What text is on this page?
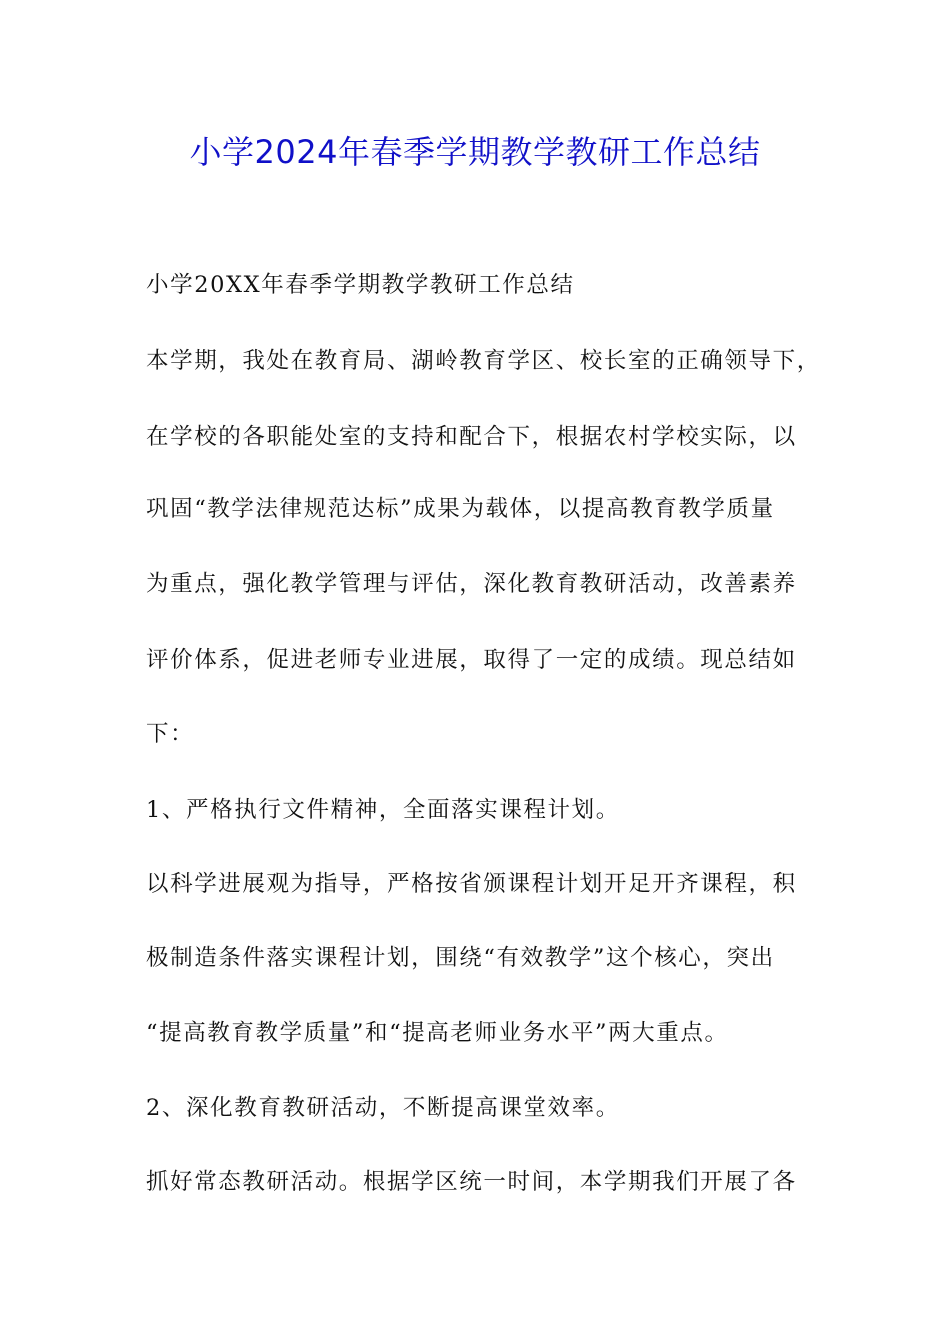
小学2024年春季学期教学教研工作总结

小学20XX年春季学期教学教研工作总结

本学期，我处在教育局、湖岭教育学区、校长室的正确领导下，

在学校的各职能处室的支持和配合下，根据农村学校实际，以

巩固“教学法律规范达标”成果为载体，以提高教育教学质量

为重点，强化教学管理与评估，深化教育教研活动，改善素养

评价体系，促进老师专业进展，取得了一定的成绩。现总结如

下：

1、严格执行文件精神，全面落实课程计划。

以科学进展观为指导，严格按省颁课程计划开足开齐课程，积

极制造条件落实课程计划，围绕“有效教学”这个核心，突出

“提高教育教学质量”和“提高老师业务水平”两大重点。

2、深化教育教研活动，不断提高课堂效率。

抓好常态教研活动。根据学区统一时间，本学期我们开展了各
